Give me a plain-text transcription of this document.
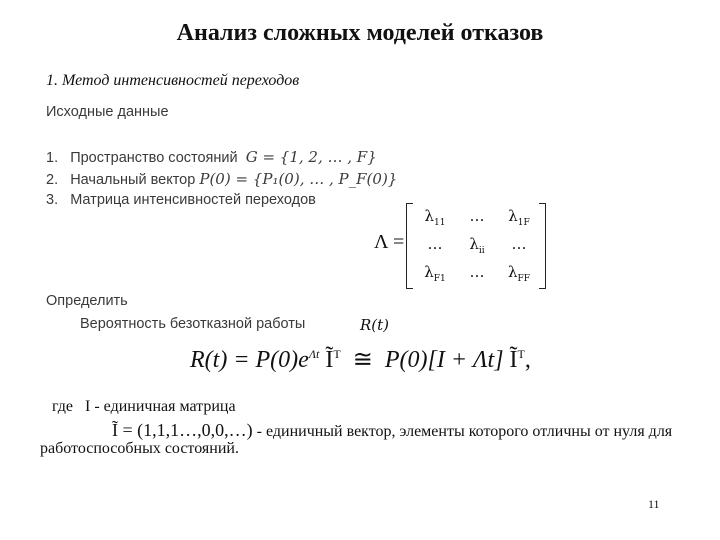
Анализ сложных моделей отказов
1. Метод интенсивностей переходов
Исходные данные
1. Пространство состояний G = {1, 2, … , F}
2. Начальный вектор P(0) = {P₁(0), … , P_F(0)}
3. Матрица интенсивностей переходов
Λ =
$\lambda_{11}$	…	$\lambda_{1F}$
…	$\lambda_{ii}$	…
$\lambda_{F1}$	…	$\lambda_{FF}$
Определить
Вероятность безотказной работы	R(t)
$R(t) = P(0)e^{\Lambda t}$ $Ĩ^T$ ≅ P(0)[I + Λt] $Ĩ^T$,
где I - единичная матрица
Ĩ = (1,1,1…,0,0,…) - единичный вектор, элементы которого отличны от нуля для
работоспособных состояний.
11
